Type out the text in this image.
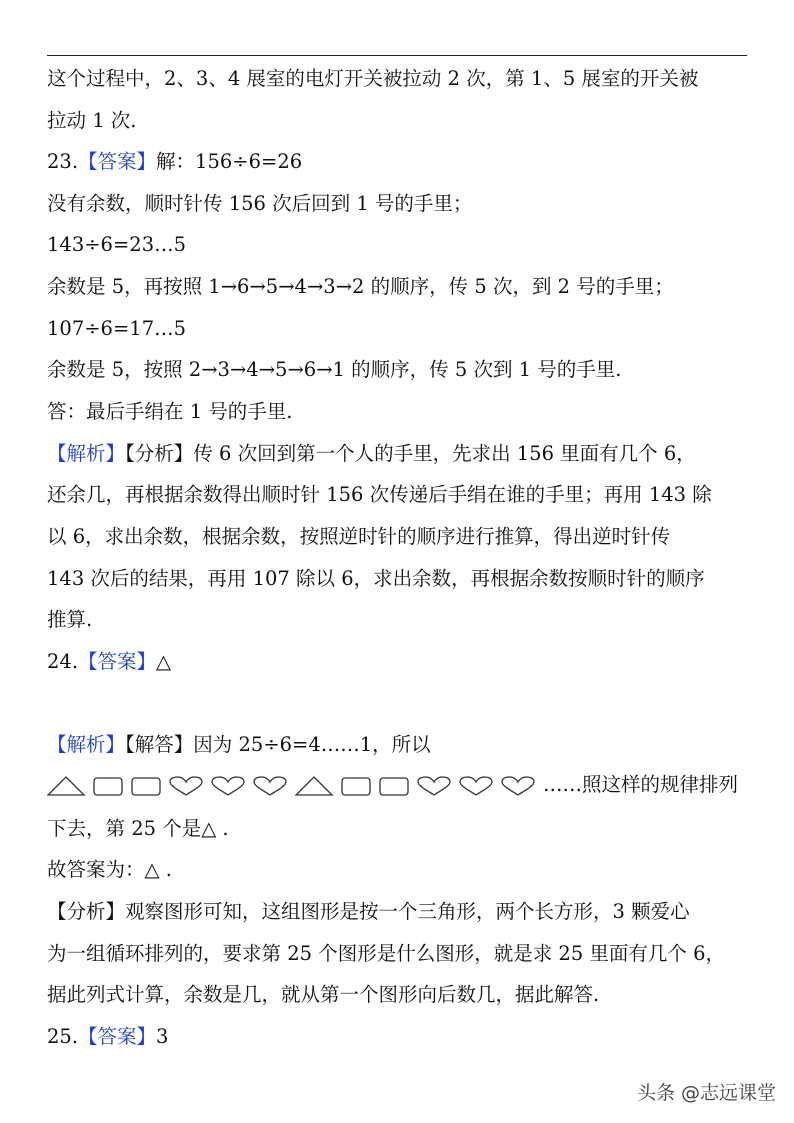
这个过程中，2、3、4 展室的电灯开关被拉动 2 次，第 1、5 展室的开关被
拉动 1 次.
23.【答案】解：156÷6=26
没有余数，顺时针传 156 次后回到 1 号的手里；
143÷6=23…5
余数是 5，再按照 1→6→5→4→3→2 的顺序，传 5 次，到 2 号的手里；
107÷6=17…5
余数是 5，按照 2→3→4→5→6→1 的顺序，传 5 次到 1 号的手里.
答：最后手绢在 1 号的手里.
【解析】【分析】传 6 次回到第一个人的手里，先求出 156 里面有几个 6，
还余几，再根据余数得出顺时针 156 次传递后手绢在谁的手里；再用 143 除
以 6，求出余数，根据余数，按照逆时针的顺序进行推算，得出逆时针传
143 次后的结果，再用 107 除以 6，求出余数，再根据余数按顺时针的顺序
推算.
24.【答案】△
【解析】【解答】因为 25÷6=4……1，所以
……照这样的规律排列
下去，第 25 个是△ .
故答案为：△ .
【分析】观察图形可知，这组图形是按一个三角形，两个长方形，3 颗爱心
为一组循环排列的，要求第 25 个图形是什么图形，就是求 25 里面有几个 6，
据此列式计算，余数是几，就从第一个图形向后数几，据此解答.
25.【答案】3
头条 @志远课堂
